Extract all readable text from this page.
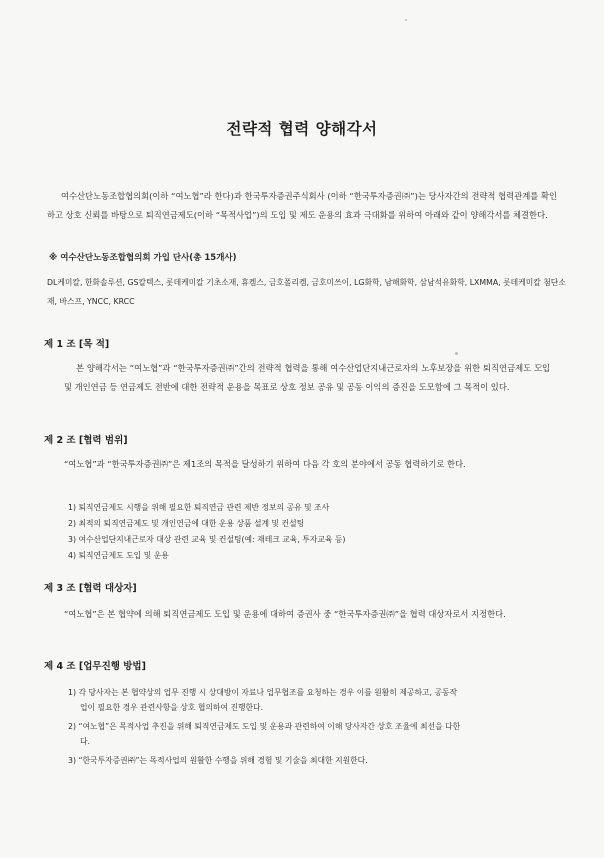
전략적 협력 양해각서

여수산단노동조합협의회(이하 “여노협”라 한다)과 한국투자증권주식회사 (이하 “한국투자증권㈜”)는 당사자간의 전략적 협력관계를 확인하고 상호 신뢰를 바탕으로 퇴직연금제도(이하 “목적사업”)의 도입 및 제도 운용의 효과 극대화를 위하여 아래와 같이 양해각서를 체결한다.

※ 여수산단노동조합협의회 가입 단사(총 15개사)

DL케미칼, 한화솔루션, GS칼텍스, 롯데케미칼 기초소재, 휴켐스, 금호폴리켐, 금호미쓰이, LG화학, 남해화학, 삼남석유화학, LXMMA, 롯데케미칼 첨단소재, 바스프, YNCC, KRCC

제 1 조 [목 적]

본 양해각서는 “여노협”과 “한국투자증권㈜”간의 전략적 협력을 통해 여수산업단지내근로자의 노후보장을 위한 퇴직연금제도 도입 및 개인연금 등 연금제도 전반에 대한 전략적 운용을 목표로 상호 정보 공유 및 공동 이익의 증진을 도모함에 그 목적이 있다.

제 2 조 [협력 범위]

“여노협”과 “한국투자증권㈜”은 제1조의 목적을 달성하기 위하여 다음 각 호의 분야에서 공동 협력하기로 한다.

1) 퇴직연금제도 시행을 위해 필요한 퇴직연금 관련 제반 정보의 공유 및 조사
2) 최적의 퇴직연금제도 및 개인연금에 대한 운용 상품 설계 및 컨설팅
3) 여수산업단지내근로자 대상 관련 교육 및 컨설팅(예: 재테크 교육, 투자교육 등)
4) 퇴직연금제도 도입 및 운용
제 3 조 [협력 대상자]

“여노협”은 본 협약에 의해 퇴직연금제도 도입 및 운용에 대하여 증권사 중 “한국투자증권㈜”을 협력 대상자로서 지정한다.

제 4 조 [업무진행 방법]
1) 각 당사자는 본 협약상의 업무 진행 시 상대방이 자료나 업무협조를 요청하는 경우 이를 원활히 제공하고, 공동작
업이 필요한 경우 관련사항을 상호 협의하여 진행한다.
2) “여노협”은 목적사업 추진을 위해 퇴직연금제도 도입 및 운용과 관련하여 이해 당사자간 상호 조율에 최선을 다한
다.
3) “한국투자증권㈜”는 목적사업의 원활한 수행을 위해 경험 및 기술을 최대한 지원한다.
